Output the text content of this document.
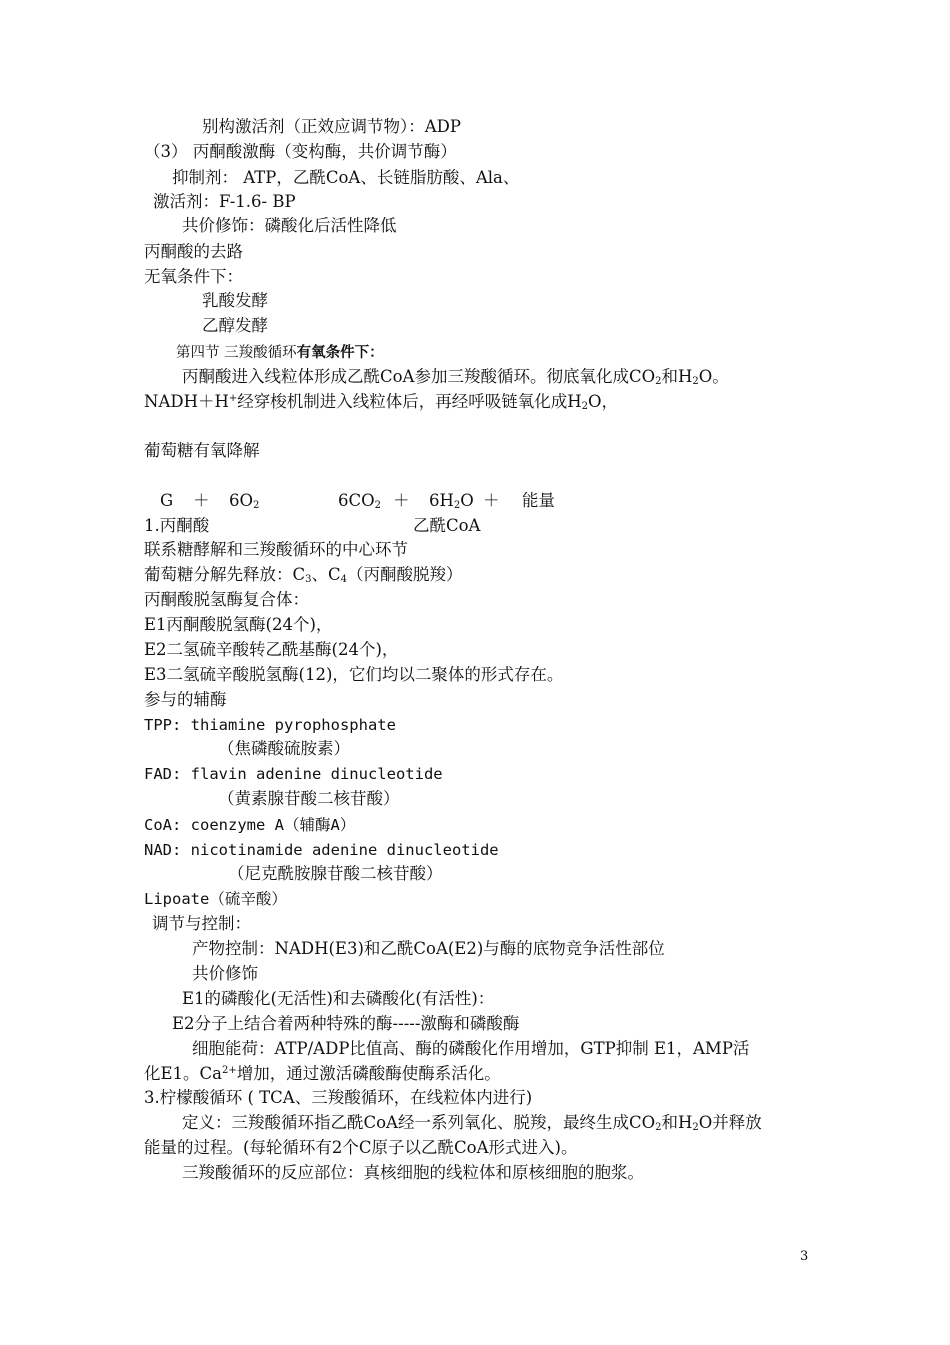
别构激活剂（正效应调节物）：ADP
（3） 丙酮酸激酶（变构酶，共价调节酶）
抑制剂： ATP，乙酰CoA、长链脂肪酸、Ala、
激活剂：F-1.6- BP
共价修饰：磷酸化后活性降低
丙酮酸的去路
无氧条件下：
乳酸发酵
乙醇发酵
第四节 三羧酸循环有氧条件下：
丙酮酸进入线粒体形成乙酰CoA参加三羧酸循环。彻底氧化成$CO_2$和$H_2O$。
NADH＋H+经穿梭机制进入线粒体后，再经呼吸链氧化成$H_2O$，
葡萄糖有氧降解
$G + 6O_2$	$6CO_2 + 6H_2O$ ＋ 能量
1.丙酮酸	乙酰CoA
联系糖酵解和三羧酸循环的中心环节
葡萄糖分解先释放：$C_3$、$C_4$（丙酮酸脱羧）
丙酮酸脱氢酶复合体：
E1丙酮酸脱氢酶(24个)，
E2二氢硫辛酸转乙酰基酶(24个)，
E3二氢硫辛酸脱氢酶(12)，它们均以二聚体的形式存在。
参与的辅酶
TPP: thiamine pyrophosphate
（焦磷酸硫胺素）
FAD: flavin adenine dinucleotide
（黄素腺苷酸二核苷酸）
CoA: coenzyme A（辅酶A）
NAD: nicotinamide adenine dinucleotide
（尼克酰胺腺苷酸二核苷酸）
Lipoate（硫辛酸）
调节与控制：
产物控制：NADH(E3)和乙酰CoA(E2)与酶的底物竞争活性部位
共价修饰
E1的磷酸化(无活性)和去磷酸化(有活性)：
E2分子上结合着两种特殊的酶-----激酶和磷酸酶
细胞能荷：ATP/ADP比值高、酶的磷酸化作用增加，GTP抑制 E1，AMP活
化E1。$Ca^{2+}$增加，通过激活磷酸酶使酶系活化。
3.柠檬酸循环 ( TCA、三羧酸循环，在线粒体内进行)
定义：三羧酸循环指乙酰CoA经一系列氧化、脱羧，最终生成$CO_2$和$H_2O$并释放
能量的过程。(每轮循环有2个C原子以乙酰CoA形式进入)。
三羧酸循环的反应部位：真核细胞的线粒体和原核细胞的胞浆。
3
